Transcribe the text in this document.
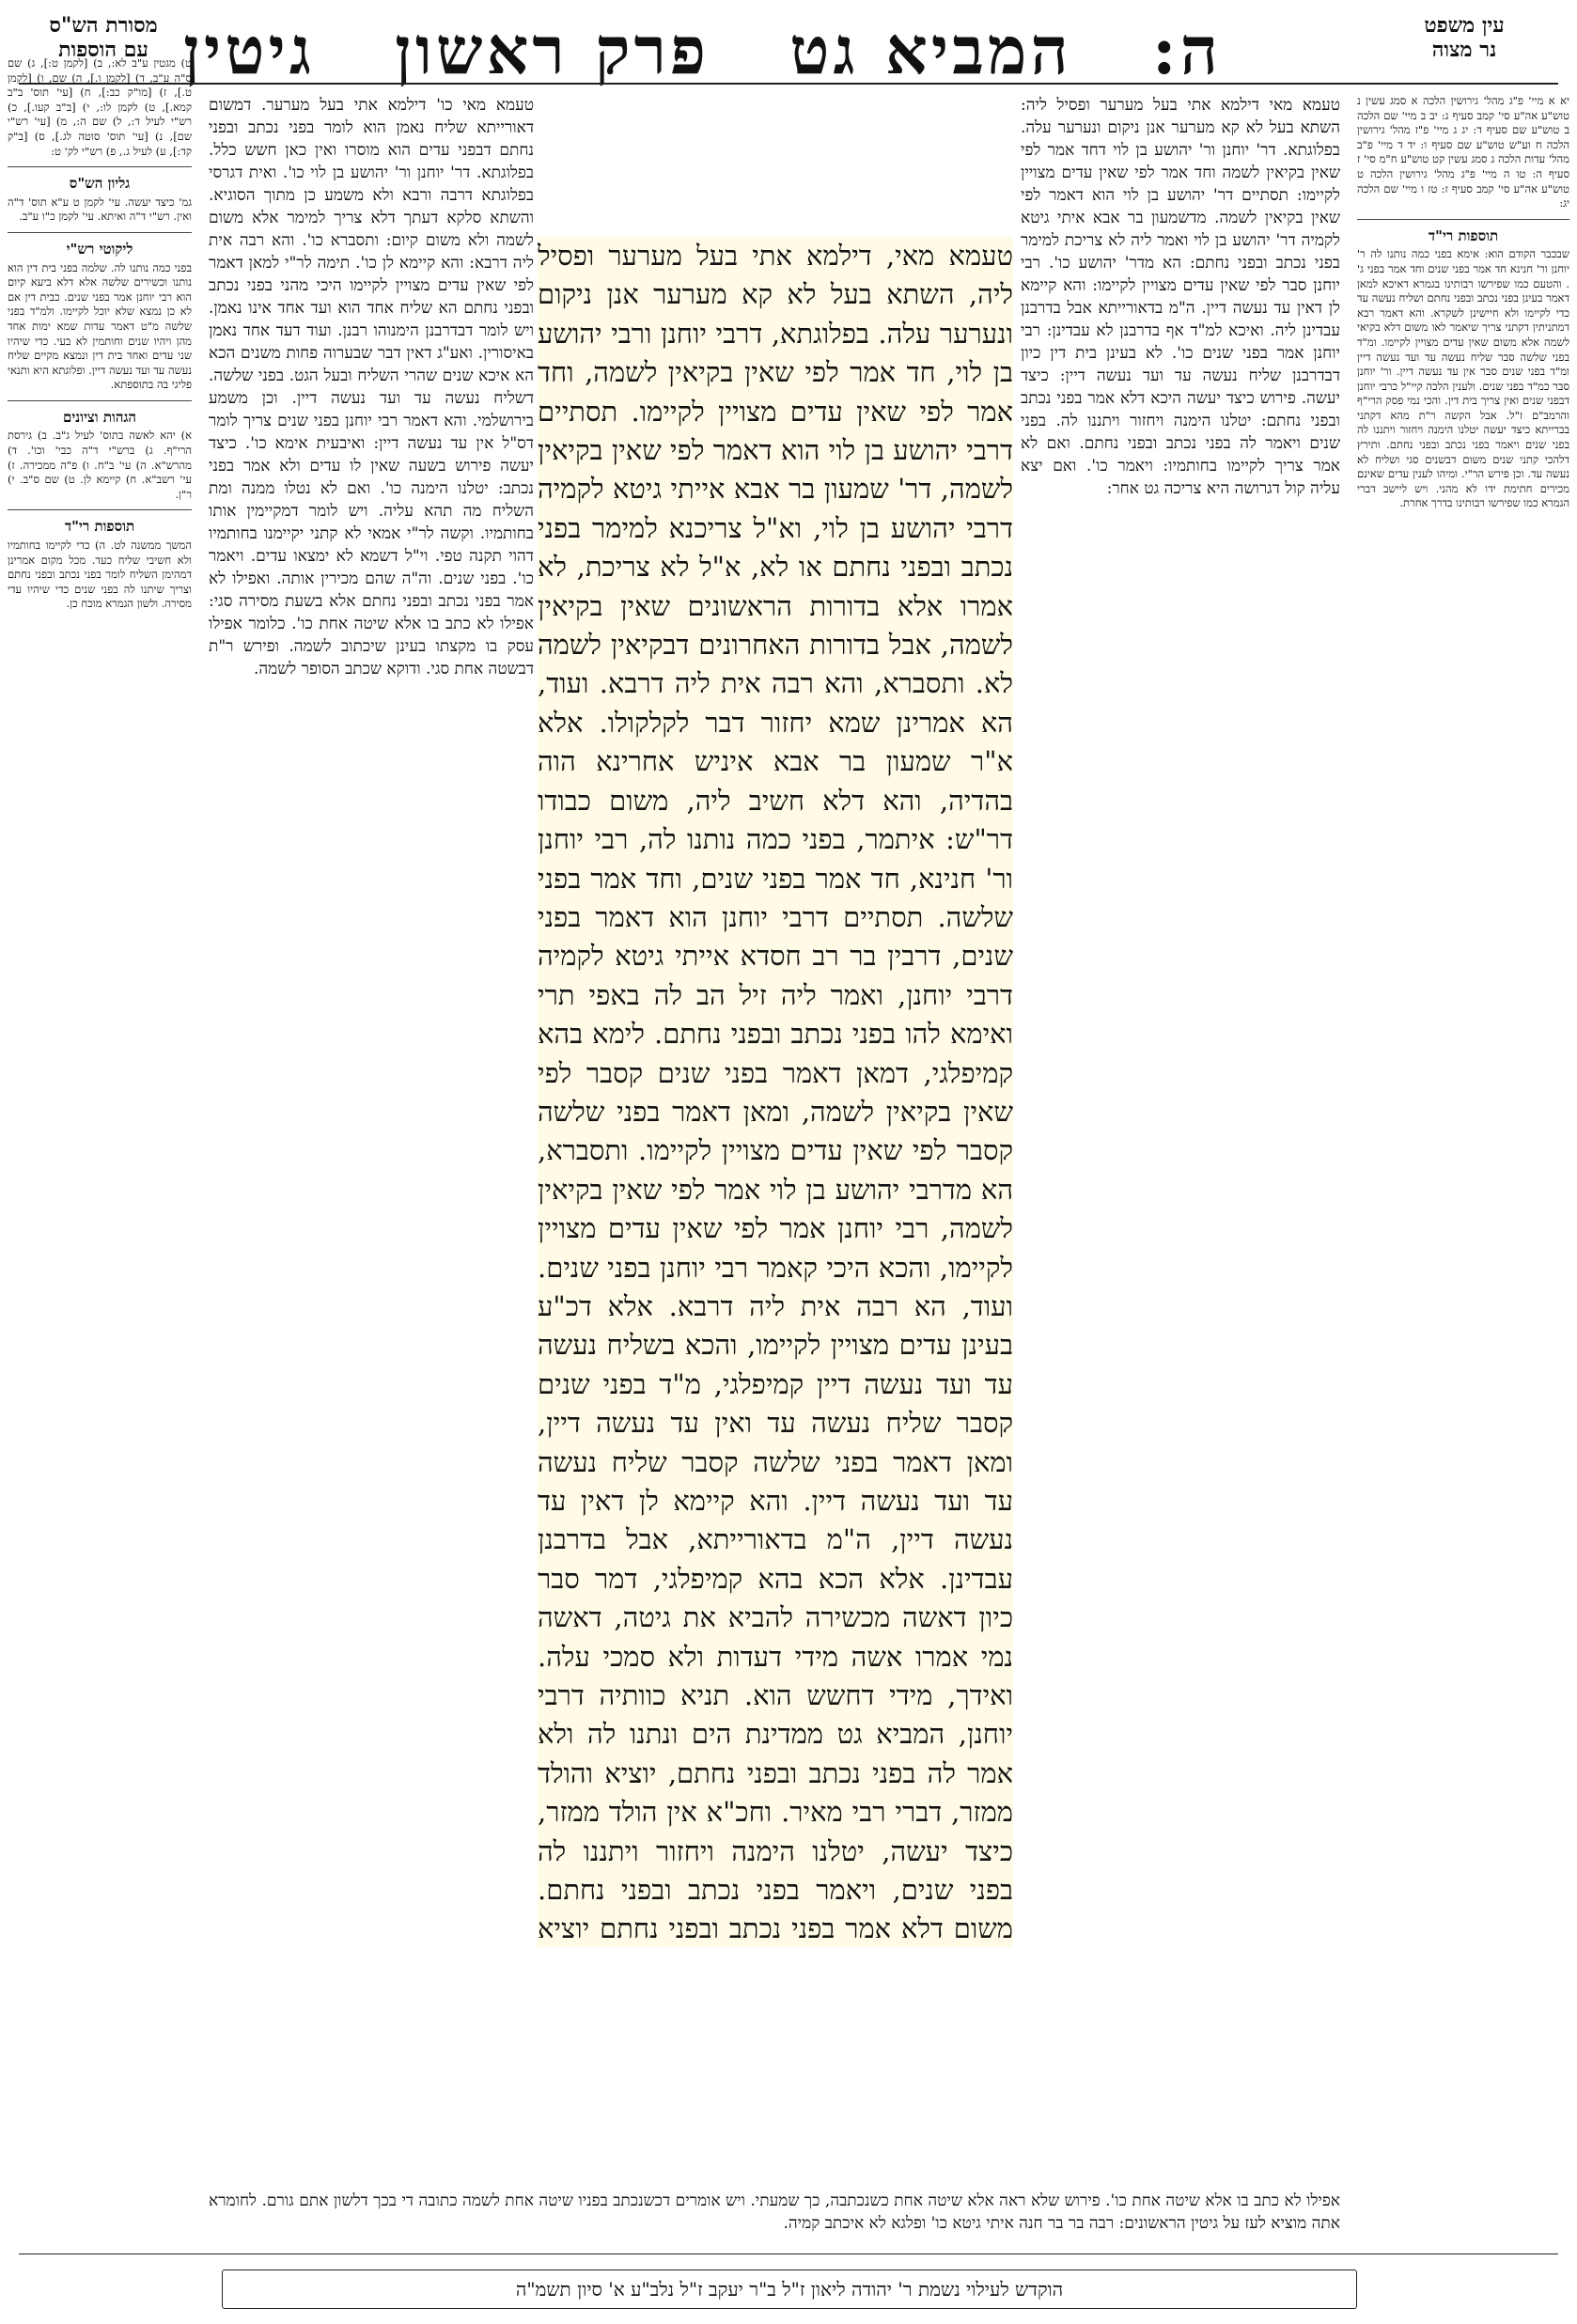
מסורת הש"ס
עם הוספות	ה:   המביא גט   פרק ראשון   גיטין	עין משפט
נר מצוה

ט) מגטין ע"ב לא:, ב) [לקמן ט:], ג) שם ס"ה ע"ב, ד) [לקמן ו.], ה) שם, ו) [לקמן ט.], ז) [מו"ק כב:], ח) [עי' תוס' ב"ב קמא.], ט) לקמן לו:, י) [ב"ב קעו.], כ) רש"י לעיל ד:, ל) שם ה:, מ) [עי' רש"י שם], נ) [עי' תוס' סוטה לג.], ס) [ב"ק קד:], ע) לעיל ג., פ) רש"י לק' ט:

גליון הש"ס

גמ' כיצד יעשה. עי' לקמן ט ע"א תוס' ד"ה ואין. רש"י ד"ה ואיתא. עי' לקמן כ"ו ע"ב.

ליקוטי רש"י

בפני כמה נותנו לה. שלמה בפני בית דין הוא נותנו וכשירים שלשה אלא דלא ביעא קיום הוא רבי יוחנן אמר בפני שנים. כבית דין אם לא כן נמצא שלא יוכל לקיימו. ולמ"ד בפני שלשה מ"ט דאמר עדות שמא ימות אחד מהן ויהיו שנים וחותמין לא בעי. כדי שיהיו שני עדים ואחד בית דין ונמצא מקיים שליח נעשה עד ועד נעשה דיין. ופלוגתא היא ותנאי פליגי בה בתוספתא.

הגהות וציונים

א) יהא לאשה בתוס' לעיל ג"ב. ב) גירסת הרי"ף. ג) ברש"י ד"ה כבי' וכו'. ד) מהרש"א. ה) עי' ב"ח. ו) פ"ה ממכירה. ז) עי' רשב"א. ח) קיימא לן. ט) שם ס"ב. י) ר"ן.

תוספות רי"ד

המשך ממשנה לט. ה) כדי לקיימו בחותמיו ולא חשיבי שליח כעד. מכל מקום אמרינן דמהימן השליח לומר בפני נכתב ובפני נחתם וצריך שיתנו לה בפני שנים כדי שיהיו עדי מסירה. ולשון הגמרא מוכח כן.

טעמא מאי כו' דילמא אתי בעל מערער. דמשום דאורייתא שליח נאמן הוא לומר בפני נכתב ובפני נחתם דבפני עדים הוא מוסרו ואין כאן חשש כלל. בפלוגתא. דר' יוחנן ור' יהושע בן לוי כו'. ואית דגרסי בפלוגתא דרבה ורבא ולא משמע כן מתוך הסוגיא. והשתא סלקא דעתך דלא צריך למימר אלא משום לשמה ולא משום קיום: ותסברא כו'. והא רבה אית ליה דרבא: והא קיימא לן כו'. תימה לר"י למאן דאמר לפי שאין עדים מצויין לקיימו היכי מהני בפני נכתב ובפני נחתם הא שליח אחד הוא ועד אחד אינו נאמן. ויש לומר דבדרבנן הימנוהו רבנן. ועוד דעד אחד נאמן באיסורין. ואע"ג דאין דבר שבערוה פחות משנים הכא הא איכא שנים שהרי השליח ובעל הגט. בפני שלשה. דשליח נעשה עד ועד נעשה דיין. וכן משמע בירושלמי. והא דאמר רבי יוחנן בפני שנים צריך לומר דס"ל אין עד נעשה דיין: ואיבעית אימא כו'. כיצד יעשה פירוש בשעה שאין לו עדים ולא אמר בפני נכתב: יטלנו הימנה כו'. ואם לא נטלו ממנה ומת השליח מה תהא עליה. ויש לומר דמקיימין אותו בחותמיו. וקשה לר"י אמאי לא קתני יקיימנו בחותמיו דהוי תקנה טפי. וי"ל דשמא לא ימצאו עדים. ויאמר כו'. בפני שנים. וה"ה שהם מכירין אותה. ואפילו לא אמר בפני נכתב ובפני נחתם אלא בשעת מסירה סגי: אפילו לא כתב בו אלא שיטה אחת כו'. כלומר אפילו עסק בו מקצתו בעינן שיכתוב לשמה. ופירש ר"ת דבשטה אחת סגי. ודוקא שכתב הסופר לשמה.

טעמא מאי, דילמא אתי בעל מערער ופסיל ליה, השתא בעל לא קא מערער אנן ניקום ונערער עלה. בפלוגתא, דרבי יוחנן ורבי יהושע בן לוי, חד אמר לפי שאין בקיאין לשמה, וחד אמר לפי שאין עדים מצויין לקיימו. תסתיים דרבי יהושע בן לוי הוא דאמר לפי שאין בקיאין לשמה, דר' שמעון בר אבא אייתי גיטא לקמיה דרבי יהושע בן לוי, וא"ל צריכנא למימר בפני נכתב ובפני נחתם או לא, א"ל לא צריכת, לא אמרו אלא בדורות הראשונים שאין בקיאין לשמה, אבל בדורות האחרונים דבקיאין לשמה לא. ותסברא, והא רבה אית ליה דרבא. ועוד, הא אמרינן שמא יחזור דבר לקלקולו. אלא א"ר שמעון בר אבא איניש אחרינא הוה בהדיה, והא דלא חשיב ליה, משום כבודו דר"ש: איתמר, בפני כמה נותנו לה, רבי יוחנן ור' חנינא, חד אמר בפני שנים, וחד אמר בפני שלשה. תסתיים דרבי יוחנן הוא דאמר בפני שנים, דרבין בר רב חסדא אייתי גיטא לקמיה דרבי יוחנן, ואמר ליה זיל הב לה באפי תרי ואימא להו בפני נכתב ובפני נחתם. לימא בהא קמיפלגי, דמאן דאמר בפני שנים קסבר לפי שאין בקיאין לשמה, ומאן דאמר בפני שלשה קסבר לפי שאין עדים מצויין לקיימו. ותסברא, הא מדרבי יהושע בן לוי אמר לפי שאין בקיאין לשמה, רבי יוחנן אמר לפי שאין עדים מצויין לקיימו, והכא היכי קאמר רבי יוחנן בפני שנים. ועוד, הא רבה אית ליה דרבא. אלא דכ"ע בעינן עדים מצויין לקיימו, והכא בשליח נעשה עד ועד נעשה דיין קמיפלגי, מ"ד בפני שנים קסבר שליח נעשה עד ואין עד נעשה דיין, ומאן דאמר בפני שלשה קסבר שליח נעשה עד ועד נעשה דיין. והא קיימא לן דאין עד נעשה דיין, ה"מ בדאורייתא, אבל בדרבנן עבדינן. אלא הכא בהא קמיפלגי, דמר סבר כיון דאשה מכשירה להביא את גיטה, דאשה נמי אמרו אשה מידי דעדות ולא סמכי עלה. ואידך, מידי דחשש הוא. תניא כוותיה דרבי יוחנן, המביא גט ממדינת הים ונתנו לה ולא אמר לה בפני נכתב ובפני נחתם, יוציא והולד ממזר, דברי רבי מאיר. וחכ"א אין הולד ממזר, כיצד יעשה, יטלנו הימנה ויחזור ויתננו לה בפני שנים, ויאמר בפני נכתב ובפני נחתם. משום דלא אמר בפני נכתב ובפני נחתם יוציא

טעמא מאי דילמא אתי בעל מערער ופסיל ליה: השתא בעל לא קא מערער אנן ניקום ונערער עלה. בפלוגתא. דר' יוחנן ור' יהושע בן לוי דחד אמר לפי שאין בקיאין לשמה וחד אמר לפי שאין עדים מצויין לקיימו: תסתיים דר' יהושע בן לוי הוא דאמר לפי שאין בקיאין לשמה. מדשמעון בר אבא איתי גיטא לקמיה דר' יהושע בן לוי ואמר ליה לא צריכת למימר בפני נכתב ובפני נחתם: הא מדר' יהושע כו'. רבי יוחנן סבר לפי שאין עדים מצויין לקיימו: והא קיימא לן דאין עד נעשה דיין. ה"מ בדאורייתא אבל בדרבנן עבדינן ליה. ואיכא למ"ד אף בדרבנן לא עבדינן: רבי יוחנן אמר בפני שנים כו'. לא בעינן בית דין כיון דבדרבנן שליח נעשה עד ועד נעשה דיין: כיצד יעשה. פירוש כיצד יעשה היכא דלא אמר בפני נכתב ובפני נחתם: יטלנו הימנה ויחזור ויתננו לה. בפני שנים ויאמר לה בפני נכתב ובפני נחתם. ואם לא אמר צריך לקיימו בחותמיו: ויאמר כו'. ואם יצא עליה קול דגרושה היא צריכה גט אחר:

יא א מיי' פ"ג מהל' גירושין הלכה א סמג עשין נ טוש"ע אה"ע סי' קמב סעיף ג: יב ב מיי' שם הלכה ב טוש"ע שם סעיף ד: יג ג מיי' פ"ז מהל' גירושין הלכה ח וע"ש טוש"ע שם סעיף ו: יד ד מיי' פ"ב מהל' עדות הלכה ג סמג עשין קט טוש"ע ח"מ סי' ז סעיף ה: טו ה מיי' פ"ג מהל' גירושין הלכה ט טוש"ע אה"ע סי' קמב סעיף ז: טז ו מיי' שם הלכה יג:

תוספות רי"ד

שבכבר הקודם הוא: אימא בפני כמה נותנו לה ר' יוחנן ור' חנינא חד אמר בפני שנים וחד אמר בפני ג' . והטעם כמו שפירשו רבותינו בגמרא דאיכא למאן דאמר בעינן בפני נכתב ובפני נחתם ושליח נעשה עד כדי לקיימו ולא חיישינן לשקרא. והא דאמר רבא דמתניתין דקתני צריך שיאמר לאו משום דלא בקיאי לשמה אלא משום שאין עדים מצויין לקיימו. ומ"ד בפני שלשה סבר שליח נעשה עד ועד נעשה דיין ומ"ד בפני שנים סבר אין עד נעשה דיין. ור' יוחנן סבר כמ"ד בפני שנים. ולענין הלכה קיי"ל כרבי יוחנן דבפני שנים ואין צריך בית דין. והכי נמי פסק הרי"ף והרמב"ם ז"ל. אבל הקשה ר"ת מהא דקתני בברייתא כיצד יעשה יטלנו הימנה ויחזור ויתננו לה בפני שנים ויאמר בפני נכתב ובפני נחתם. ותירץ דלהכי קתני שנים משום דבשנים סגי ושליח לא נעשה עד. וכן פירש הר"י. ומיהו לענין עדים שאינם מכירים חתימת ידו לא מהני. ויש ליישב דברי הגמרא כמו שפירשו רבותינו בדרך אחרת.

אפילו לא כתב בו אלא שיטה אחת כו'. פירוש שלא ראה אלא שיטה אחת כשנכתבה, כך שמעתי. ויש אומרים דכשנכתב בפניו שיטה אחת לשמה כתובה די בכך דלשון אתם גורם. לחומרא אתה מוציא לעז על גיטין הראשונים: רבה בר בר חנה איתי גיטא כו' ופלגא לא איכתב קמיה.
הוקדש לעילוי נשמת ר' יהודה ליאון ז"ל ב"ר יעקב ז"ל נלב"ע א' סיון תשמ"ה
